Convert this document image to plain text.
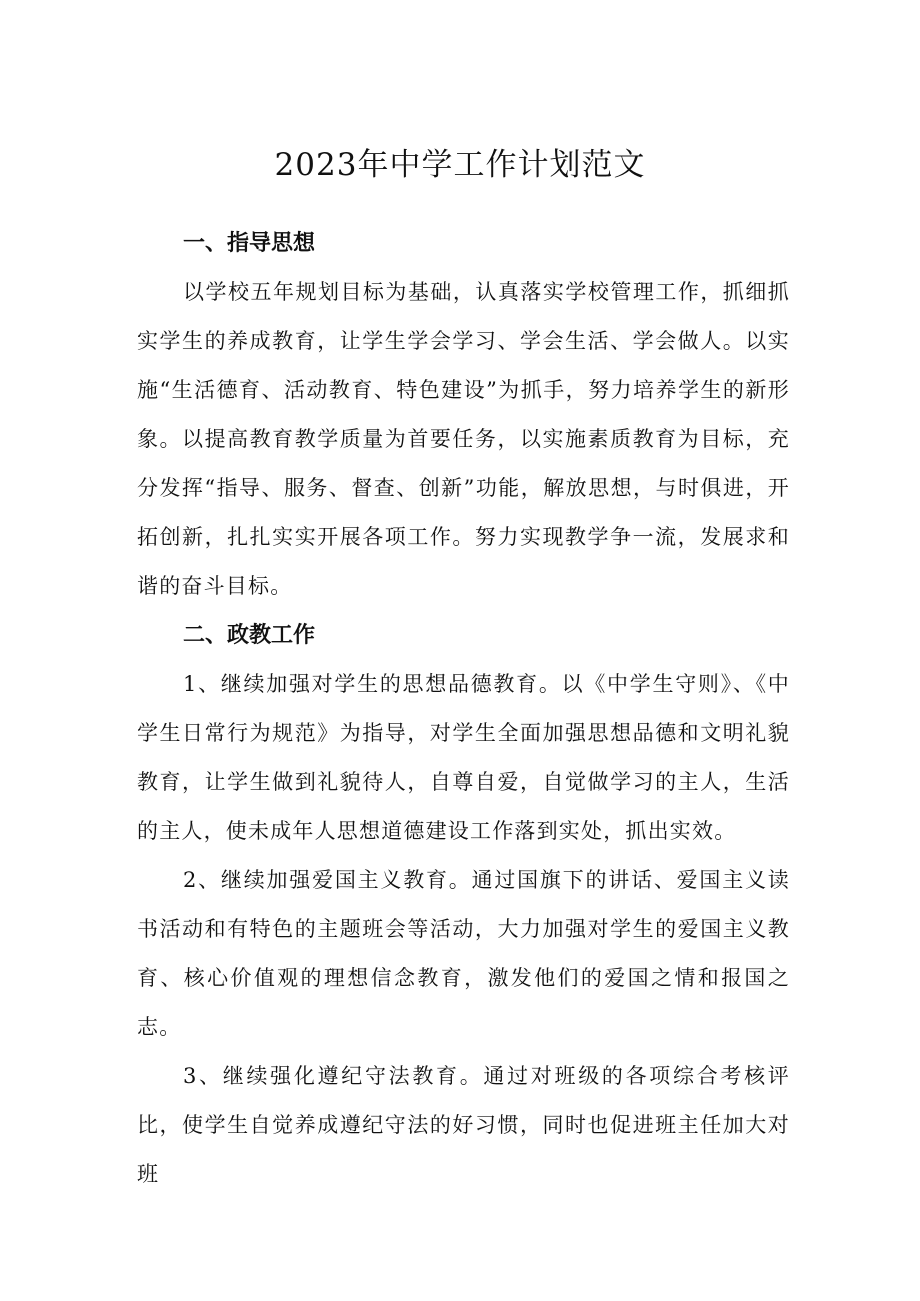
2023年中学工作计划范文
一、指导思想

以学校五年规划目标为基础，认真落实学校管理工作，抓细抓实学生的养成教育，让学生学会学习、学会生活、学会做人。以实施“生活德育、活动教育、特色建设”为抓手，努力培养学生的新形象。以提高教育教学质量为首要任务，以实施素质教育为目标，充分发挥“指导、服务、督查、创新”功能，解放思想，与时俱进，开拓创新，扎扎实实开展各项工作。努力实现教学争一流，发展求和谐的奋斗目标。

二、政教工作

1、继续加强对学生的思想品德教育。以《中学生守则》、《中学生日常行为规范》为指导，对学生全面加强思想品德和文明礼貌教育，让学生做到礼貌待人，自尊自爱，自觉做学习的主人，生活的主人，使未成年人思想道德建设工作落到实处，抓出实效。

2、继续加强爱国主义教育。通过国旗下的讲话、爱国主义读书活动和有特色的主题班会等活动，大力加强对学生的爱国主义教育、核心价值观的理想信念教育，激发他们的爱国之情和报国之志。

3、继续强化遵纪守法教育。通过对班级的各项综合考核评比，使学生自觉养成遵纪守法的好习惯，同时也促进班主任加大对班
